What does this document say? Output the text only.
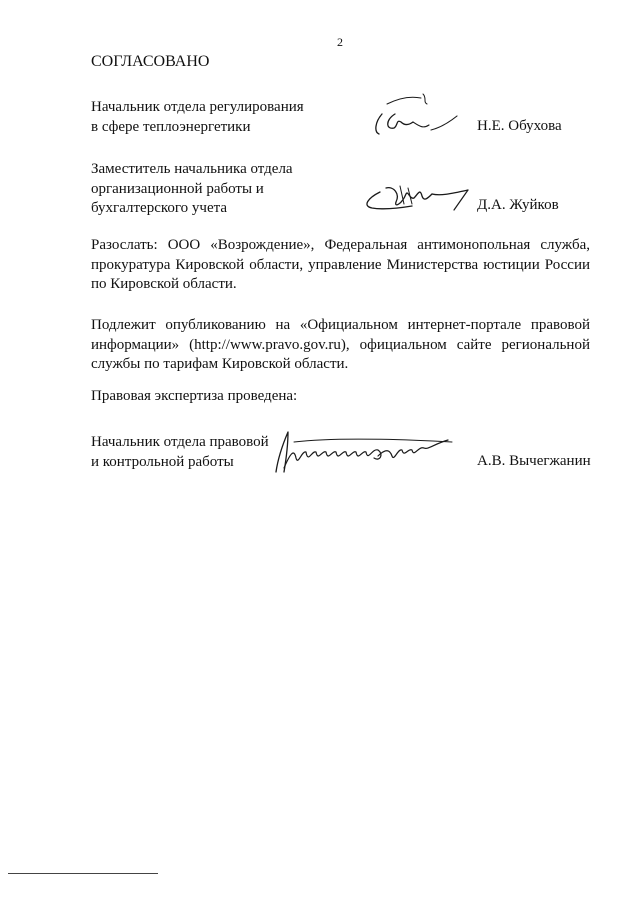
2
СОГЛАСОВАНО
Начальник отдела регулирования
в сфере теплоэнергетики	Н.Е. Обухова
Заместитель начальника отдела
организационной работы и
бухгалтерского учета	Д.А. Жуйков
Разослать: ООО «Возрождение», Федеральная антимонопольная служба, прокуратура Кировской области, управление Министерства юстиции России по Кировской области.
Подлежит опубликованию на «Официальном интернет-портале правовой информации» (http://www.pravo.gov.ru), официальном сайте региональной службы по тарифам Кировской области.
Правовая экспертиза проведена:
Начальник отдела правовой
и контрольной работы	А.В. Вычегжанин
